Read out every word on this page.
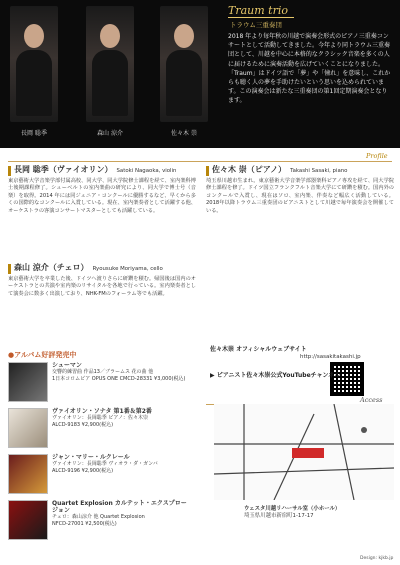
長岡 聡季	森山 涼介	佐々木 崇
Traum trio
トラウム三重奏団
2018 年より毎年秋の川越で演奏会形式のピアノ三重奏コンサートとして活動してきました。今年より同トラウム三重奏団として、川越を中心に本格的なクラシック音楽を多くの人に届けるために演奏活動を広げていくことになりました。「Traum」はドイツ語で「夢」や「憧れ」を意味し、これからも聴く人の夢を手助けたいという思いを込められています。この演奏会は新たな三重奏団の第1回定期演奏会となります。
Profile
長岡 聡季（ヴァイオリン） Satoki Nagaoka, violin
東京藝術大学音楽学部付属高校、同大学、同大学院修士課程を経て、室内楽科博士後期課程修了。シューベルトの室内楽曲の研究により、同大学で博士号（音楽）を取得。2014 年には同ジュニア・コンクールに優勝するなど、早くから多くの国際的なコンクールに入賞している。現在、室内楽奏者として活躍する他、オーケストラの客演コンサートマスターとしても活躍している。
森山 涼介（チェロ） Ryousuke Moriyama, cello
東京藝術大学を卒業した後、ドイツへ渡りさらに研鑽を積む。帰国後は国内のオーケストラとの共演や室内楽のリサイタルを各地で行っている。室内楽奏者として演奏会に数多く出演しており、NHK-FMのフォーラム等でも活躍。
佐々木 崇（ピアノ） Takashi Sasaki, piano
埼玉県川越市生まれ。東京藝術大学音楽学部器楽科ピアノ専攻を経て、同大学院修士課程を修了。ドイツ国立フランクフルト音楽大学にて研鑽を積む。国内外のコンクールで入賞し、現在はソロ、室内楽、伴奏など幅広く活動している。2018年以降トラウム三重奏団のピアニストとして川越で毎年演奏会を開催している。
●アルバム好評発売中
シューマン
交響的練習曲 作品13／ブラームス 花の曲 他
1日本コロムビア OPUS ONE CMCD-28331 ¥3,000(税込)
ヴァイオリン・ソナタ 第1番＆第2番
ヴァイオリン：長岡聡季 ピアノ：佐々木崇
ALCD-9183 ¥2,900(税込)
ジャン・マリー・ルクレール
ヴァイオリン：長岡聡季 ヴィオラ・ダ・ガンバ
ALCD-9196 ¥2,900(税込)
Quartet Explosion カルテット・エクスプロージョン
チェロ：森山涼介 他 Quartet Explosion
NFCD-27001 ¥2,500(税込)
佐々木崇 オフィシャルウェブサイト
http://sasakitakashi.jp
▶ ピアニスト佐々木崇公式YouTubeチャンネル
Access
ウェスタ川越リハーサル室（小ホール）
埼玉県川越市新宿町1-17-17
Design: kjkb.jp
